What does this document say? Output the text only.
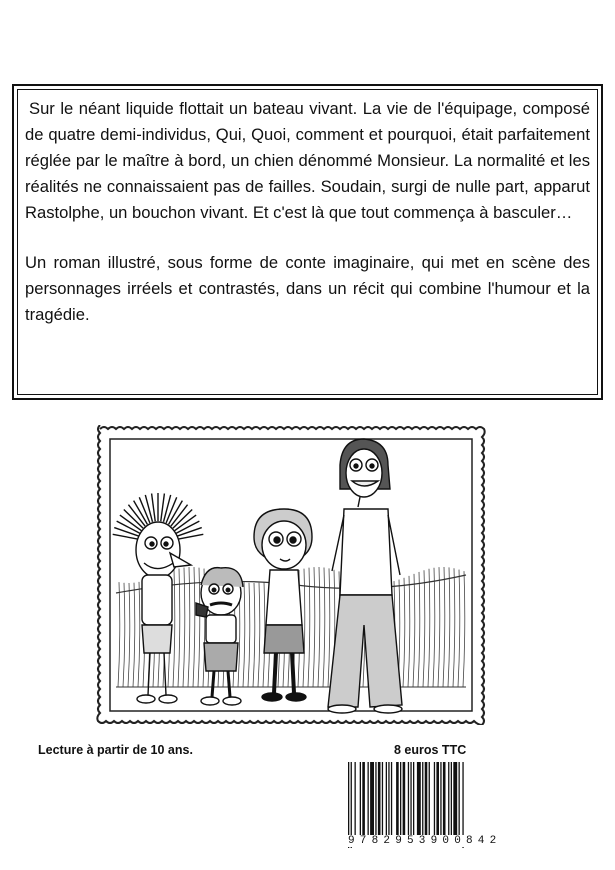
Sur le néant liquide flottait un bateau vivant. La vie de l'équipage, composé de quatre demi-individus, Qui, Quoi, comment et pourquoi, était parfaitement réglée par le maître à bord, un chien dénommé Monsieur. La normalité et les réalités ne connaissaient pas de failles. Soudain, surgi de nulle part, apparut Rastolphe, un bouchon vivant. Et c'est là que tout commença à basculer…

Un roman illustré, sous forme de conte imaginaire, qui met en scène des personnages irréels et contrastés, dans un récit qui combine l'humour et la tragédie.

Lecture à partir de 10 ans.	8 euros TTC
9782953900842
